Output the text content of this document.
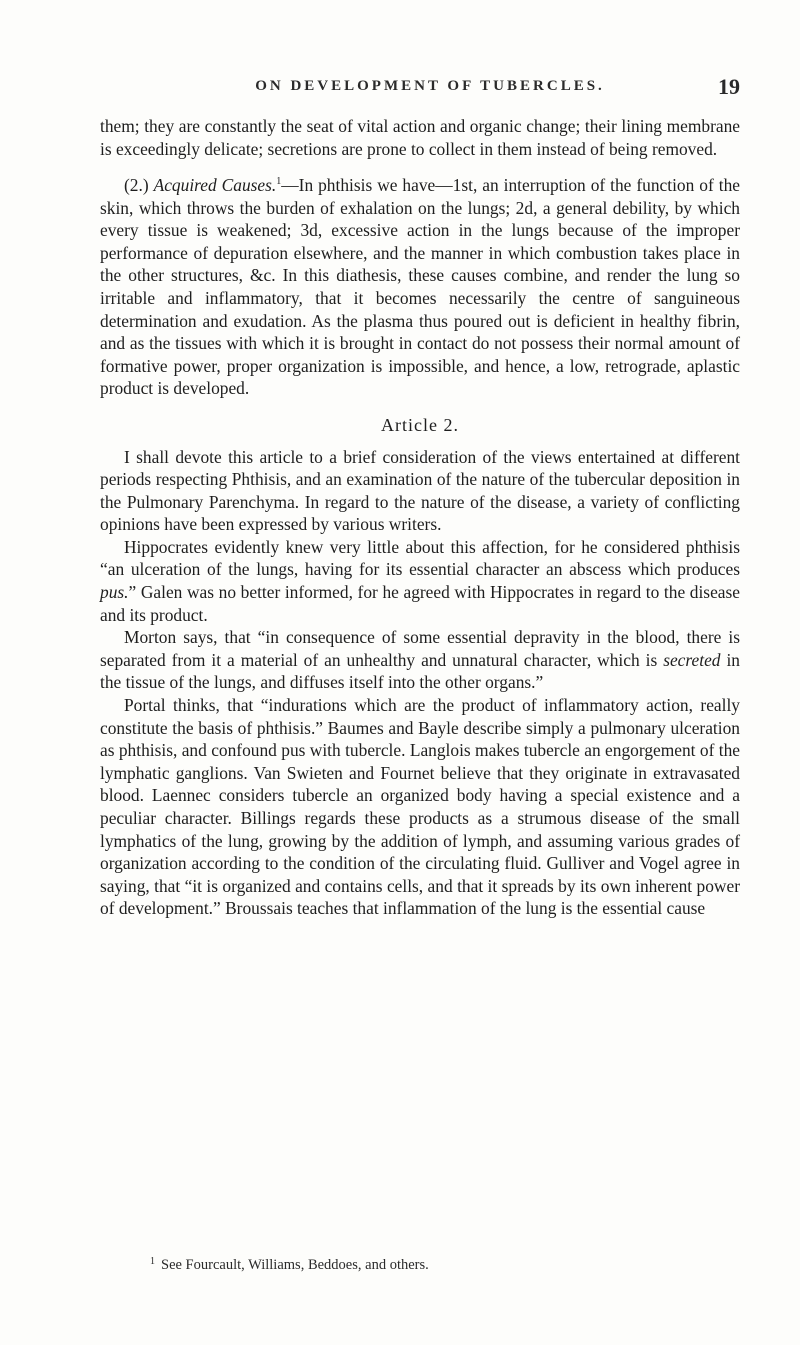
ON DEVELOPMENT OF TUBERCLES.	19

them; they are constantly the seat of vital action and organic change; their lining membrane is exceedingly delicate; secretions are prone to collect in them instead of being removed.

(2.) Acquired Causes.$^1$—In phthisis we have—1st, an interruption of the function of the skin, which throws the burden of exhalation on the lungs; 2d, a general debility, by which every tissue is weakened; 3d, excessive action in the lungs because of the improper performance of depuration elsewhere, and the manner in which combustion takes place in the other structures, &c. In this diathesis, these causes combine, and render the lung so irritable and inflammatory, that it becomes necessarily the centre of sanguineous determination and exudation. As the plasma thus poured out is deficient in healthy fibrin, and as the tissues with which it is brought in contact do not possess their normal amount of formative power, proper organization is impossible, and hence, a low, retrograde, aplastic product is developed.

Article 2.

I shall devote this article to a brief consideration of the views entertained at different periods respecting Phthisis, and an examination of the nature of the tubercular deposition in the Pulmonary Parenchyma. In regard to the nature of the disease, a variety of conflicting opinions have been expressed by various writers.

Hippocrates evidently knew very little about this affection, for he considered phthisis “an ulceration of the lungs, having for its essential character an abscess which produces pus.” Galen was no better informed, for he agreed with Hippocrates in regard to the disease and its product.

Morton says, that “in consequence of some essential depravity in the blood, there is separated from it a material of an unhealthy and unnatural character, which is secreted in the tissue of the lungs, and diffuses itself into the other organs.”

Portal thinks, that “indurations which are the product of inflammatory action, really constitute the basis of phthisis.” Baumes and Bayle describe simply a pulmonary ulceration as phthisis, and confound pus with tubercle. Langlois makes tubercle an engorgement of the lymphatic ganglions. Van Swieten and Fournet believe that they originate in extravasated blood. Laennec considers tubercle an organized body having a special existence and a peculiar character. Billings regards these products as a strumous disease of the small lymphatics of the lung, growing by the addition of lymph, and assuming various grades of organization according to the condition of the circulating fluid. Gulliver and Vogel agree in saying, that “it is organized and contains cells, and that it spreads by its own inherent power of development.” Broussais teaches that inflammation of the lung is the essential cause

$^1$ See Fourcault, Williams, Beddoes, and others.
